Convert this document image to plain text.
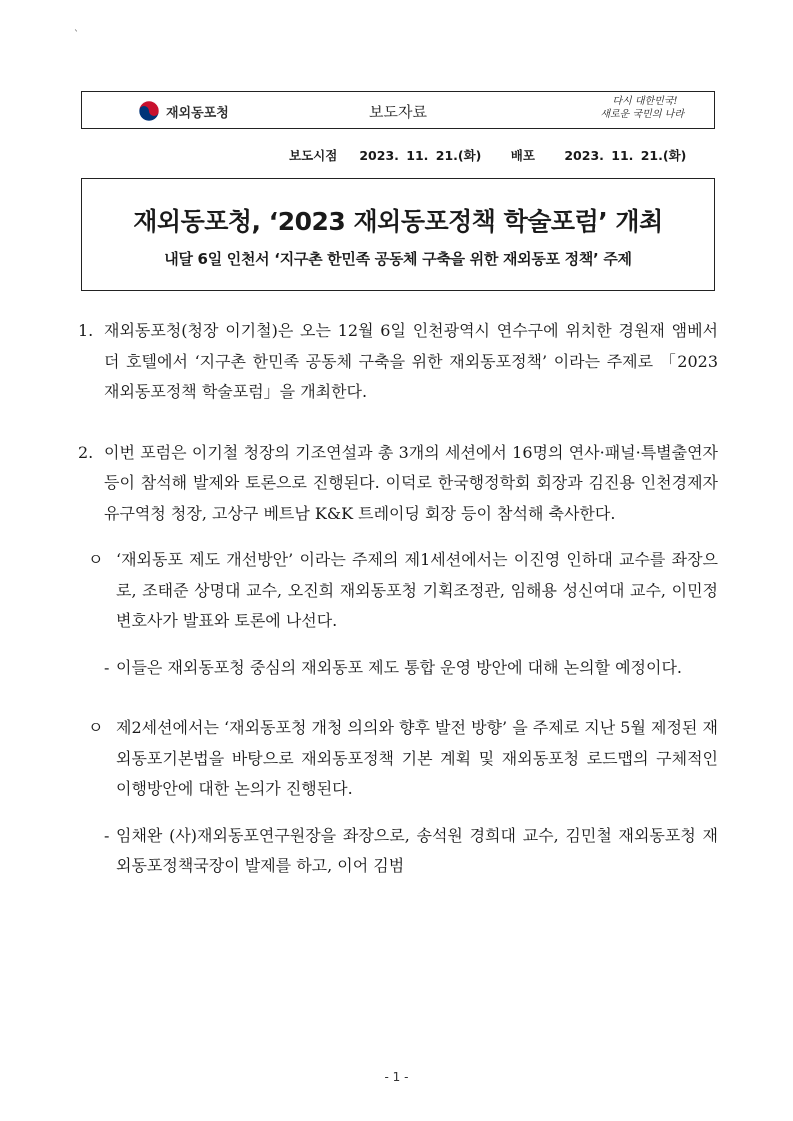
`
재외동포청	보도자료
다시 대한민국!
새로운 국민의 나라
보도시점   2023. 11. 21.(화)    배포    2023. 11. 21.(화)
재외동포청, ‘2023 재외동포정책 학술포럼’ 개최
내달 6일 인천서 ‘지구촌 한민족 공동체 구축을 위한 재외동포 정책’ 주제
1. 재외동포청(청장 이기철)은 오는 12월 6일 인천광역시 연수구에 위치한 경원재 앰베서더 호텔에서 ‘지구촌 한민족 공동체 구축을 위한 재외동포정책’ 이라는 주제로 「2023 재외동포정책 학술포럼」을 개최한다.
2. 이번 포럼은 이기철 청장의 기조연설과 총 3개의 세션에서 16명의 연사·패널·특별출연자 등이 참석해 발제와 토론으로 진행된다. 이덕로 한국행정학회 회장과 김진용 인천경제자유구역청 청장, 고상구 베트남 K&K 트레이딩 회장 등이 참석해 축사한다.
ㅇ ‘재외동포 제도 개선방안’ 이라는 주제의 제1세션에서는 이진영 인하대 교수를 좌장으로, 조태준 상명대 교수, 오진희 재외동포청 기획조정관, 임해용 성신여대 교수, 이민정 변호사가 발표와 토론에 나선다.
- 이들은 재외동포청 중심의 재외동포 제도 통합 운영 방안에 대해 논의할 예정이다.
ㅇ 제2세션에서는 ‘재외동포청 개청 의의와 향후 발전 방향’ 을 주제로 지난 5월 제정된 재외동포기본법을 바탕으로 재외동포정책 기본 계획 및 재외동포청 로드맵의 구체적인 이행방안에 대한 논의가 진행된다.
- 임채완 (사)재외동포연구원장을 좌장으로, 송석원 경희대 교수, 김민철 재외동포청 재외동포정책국장이 발제를 하고, 이어 김범
- 1 -
